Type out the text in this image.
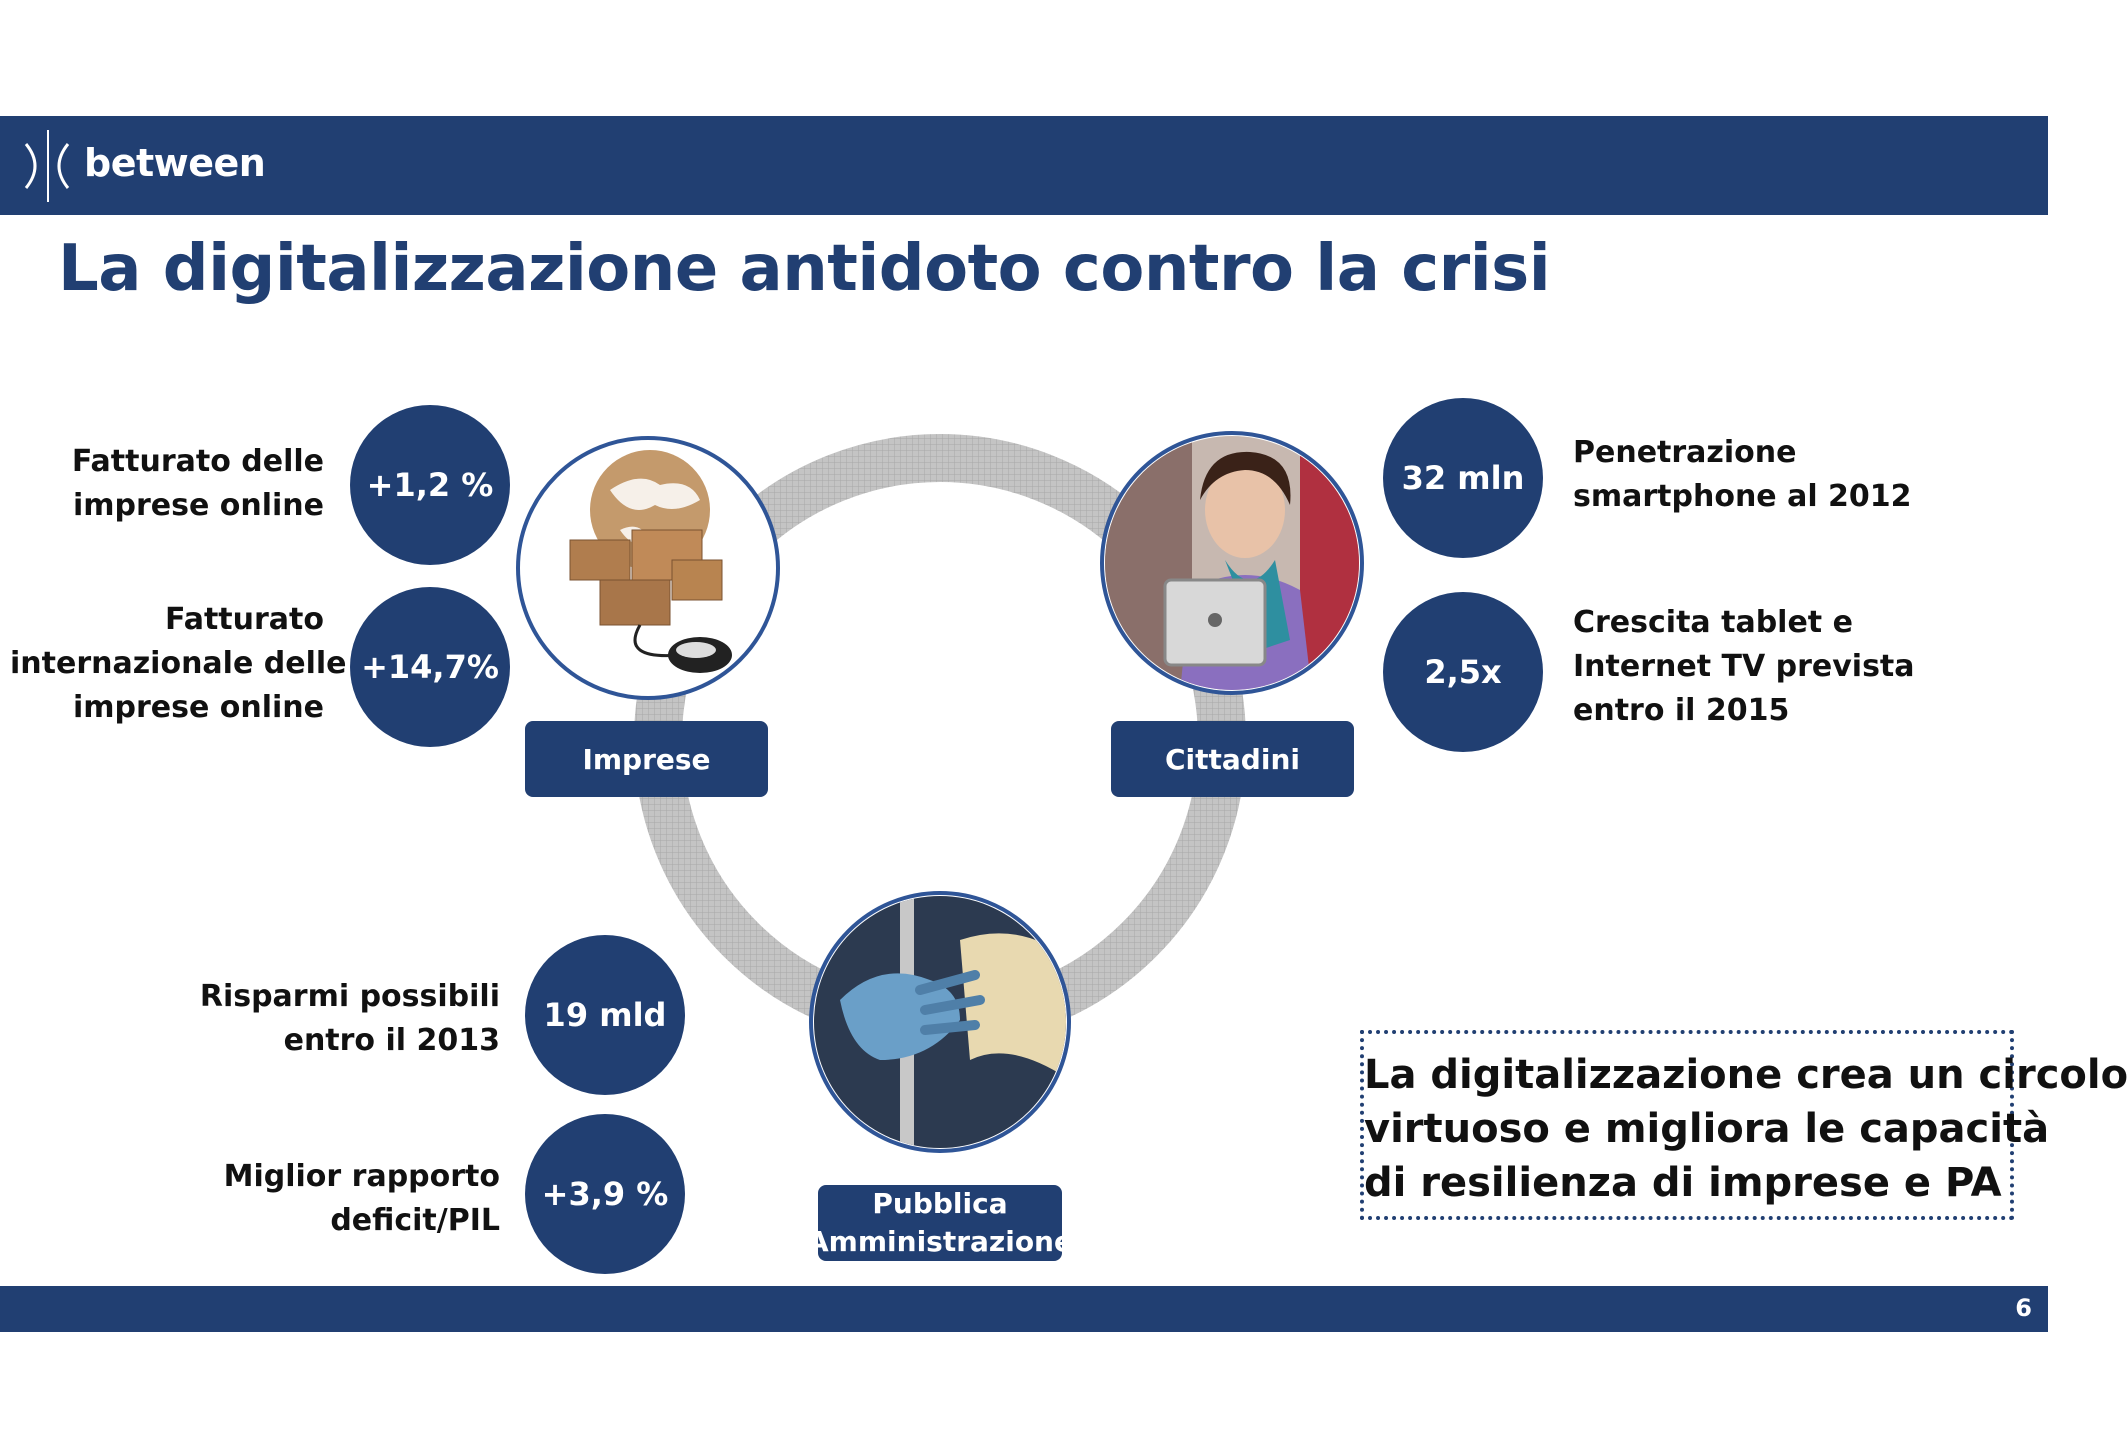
between
La digitalizzazione antidoto contro la crisi
Imprese	Cittadini
Pubblica
Amministrazione
+1,2 %
+14,7%
32 mln
2,5x
19 mld
+3,9 %
Fatturato delle
imprese online
Fatturato
internazionale delle
imprese online
Penetrazione
smartphone al 2012
Crescita tablet e
Internet TV prevista
entro il 2015
Risparmi possibili
entro il 2013
Miglior rapporto
deficit/PIL
La digitalizzazione crea un circolo
virtuoso e migliora le capacità
di resilienza di imprese e PA
6
